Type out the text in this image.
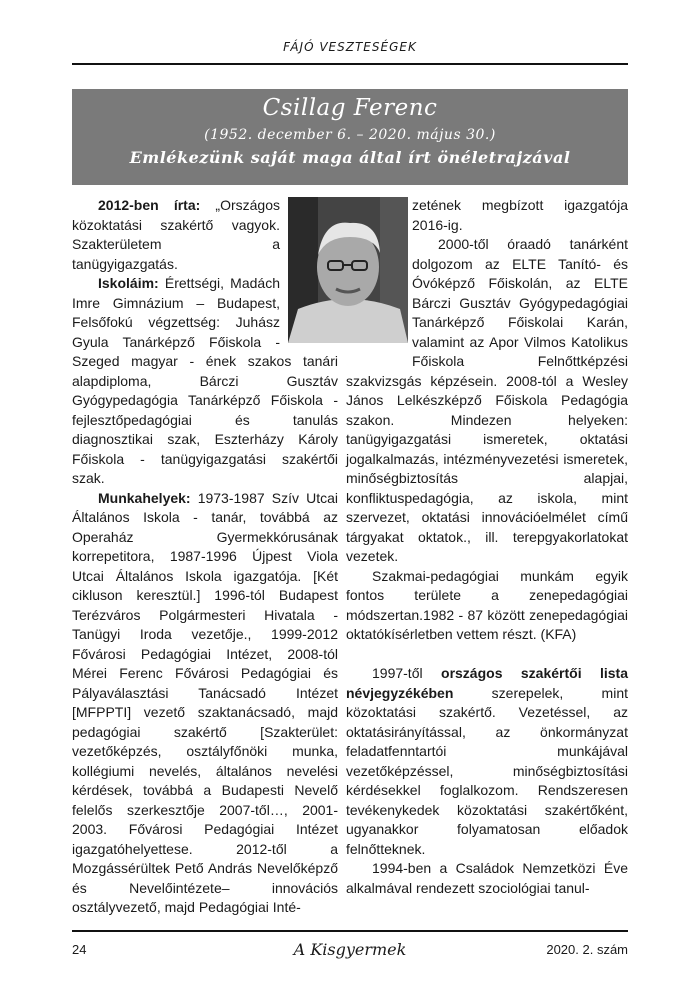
FÁJÓ VESZTESÉGEK
Csillag Ferenc
(1952. december 6. – 2020. május 30.)
Emlékezünk saját maga által írt önéletrajzával

2012-ben írta: „Országos közoktatási szakértő vagyok. Szakterületem a tanügyigazgatás.

Iskoláim: Érettségi, Madách Imre Gimnázium – Budapest, Felsőfokú végzettség: Juhász Gyula Tanárképző Főiskola - Szeged magyar - ének szakos tanári alapdiploma, Bárczi Gusztáv Gyógypedagógia Tanárképző Főiskola - fejlesztőpedagógiai és tanulás diagnosztikai szak, Eszterházy Károly Főiskola - tanügyigazgatási szakértői szak.

Munkahelyek: 1973-1987 Szív Utcai Általános Iskola - tanár, továbbá az Operaház Gyermekkórusának korrepetitora, 1987-1996 Újpest Viola Utcai Általános Iskola igazgatója. [Két cikluson keresztül.] 1996-tól Budapest Terézváros Polgármesteri Hivatala - Tanügyi Iroda vezetője., 1999-2012 Fővárosi Pedagógiai Intézet, 2008-tól Mérei Ferenc Fővárosi Pedagógiai és Pályaválasztási Tanácsadó Intézet [MFPPTI] vezető szaktanácsadó, majd pedagógiai szakértő [Szakterület: vezetőképzés, osztályfőnöki munka, kollégiumi nevelés, általános nevelési kérdések, továbbá a Budapesti Nevelő felelős szerkesztője 2007-től…, 2001-2003. Fővárosi Pedagógiai Intézet igazgatóhelyettese. 2012-től a Mozgássérültek Pető András Nevelőképző és Nevelőintézete– innovációs osztályvezető, majd Pedagógiai Inté-

zetének megbízott igazgatója 2016-ig.

2000-től óraadó tanárként dolgozom az ELTE Tanító- és Óvóképző Főiskolán, az ELTE Bárczi Gusztáv Gyógypedagógiai Tanárképző Főiskolai Karán, valamint az Apor Vilmos Katolikus Főiskola Felnőttképzési szakvizsgás képzésein. 2008-tól a Wesley János Lelkészképző Főiskola Pedagógia szakon. Mindezen helyeken: tanügyigazgatási ismeretek, oktatási jogalkalmazás, intézményvezetési ismeretek, minőségbiztosítás alapjai, konfliktuspedagógia, az iskola, mint szervezet, oktatási innovációelmélet című tárgyakat oktatok., ill. terepgyakorlatokat vezetek.

Szakmai-pedagógiai munkám egyik fontos területe a zenepedagógiai módszertan.1982 - 87 között zenepedagógiai oktatókísérletben vettem részt. (KFA)

1997-től országos szakértői lista névjegyzékében szerepelek, mint közoktatási szakértő. Vezetéssel, az oktatásirányítással, az önkormányzat feladatfenntartói munkájával vezetőképzéssel, minőségbiztosítási kérdésekkel foglalkozom. Rendszeresen tevékenykedek közoktatási szakértőként, ugyanakkor folyamatosan előadok felnőtteknek.

1994-ben a Családok Nemzetközi Éve alkalmával rendezett szociológiai tanul-

24	A Kisgyermek	2020. 2. szám
